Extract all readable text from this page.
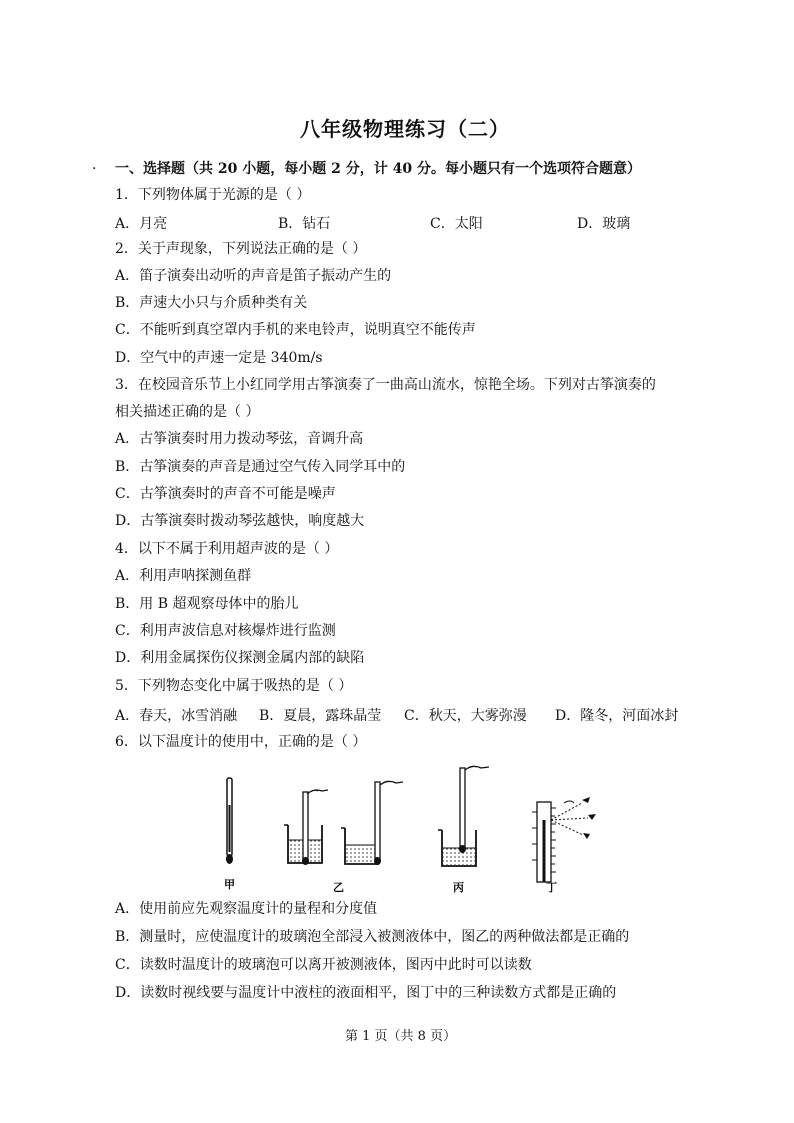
八年级物理练习（二）
· 一、选择题（共 20 小题，每小题 2 分，计 40 分。每小题只有一个选项符合题意）
1．下列物体属于光源的是（ ）
A．月亮	B．钻石	C．太阳	D．玻璃
2．关于声现象，下列说法正确的是（ ）
A．笛子演奏出动听的声音是笛子振动产生的
B．声速大小只与介质种类有关
C．不能听到真空罩内手机的来电铃声，说明真空不能传声
D．空气中的声速一定是 340m/s
3．在校园音乐节上小红同学用古筝演奏了一曲高山流水，惊艳全场。下列对古筝演奏的
相关描述正确的是（ ）
A．古筝演奏时用力拨动琴弦，音调升高
B．古筝演奏的声音是通过空气传入同学耳中的
C．古筝演奏时的声音不可能是噪声
D．古筝演奏时拨动琴弦越快，响度越大
4．以下不属于利用超声波的是（ ）
A．利用声呐探测鱼群
B．用 B 超观察母体中的胎儿
C．利用声波信息对核爆炸进行监测
D．利用金属探伤仪探测金属内部的缺陷
5．下列物态变化中属于吸热的是（ ）
A．春天，冰雪消融 B．夏晨，露珠晶莹 C．秋天，大雾弥漫 D．隆冬，河面冰封
6．以下温度计的使用中，正确的是（ ）
甲	乙	丙	丁
A．使用前应先观察温度计的量程和分度值
B．测量时，应使温度计的玻璃泡全部浸入被测液体中，图乙的两种做法都是正确的
C．读数时温度计的玻璃泡可以离开被测液体，图丙中此时可以读数
D．读数时视线要与温度计中液柱的液面相平，图丁中的三种读数方式都是正确的
第 1 页（共 8 页）
